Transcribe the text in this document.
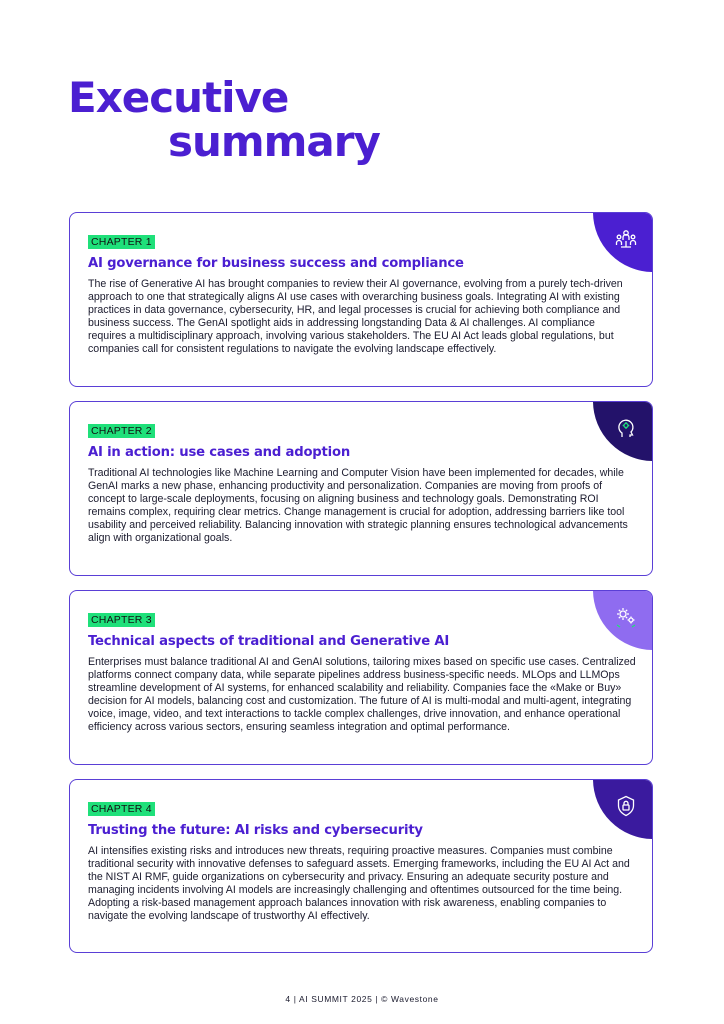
Executive
summary
CHAPTER 1
AI governance for business success and compliance

The rise of Generative AI has brought companies to review their AI governance, evolving from a purely tech-driven approach to one that strategically aligns AI use cases with overarching business goals. Integrating AI with existing practices in data governance, cybersecurity, HR, and legal processes is crucial for achieving both compliance and business success. The GenAI spotlight aids in addressing longstanding Data & AI challenges. AI compliance requires a multidisciplinary approach, involving various stakeholders. The EU AI Act leads global regulations, but companies call for consistent regulations to navigate the evolving landscape effectively.

CHAPTER 2
AI in action: use cases and adoption

Traditional AI technologies like Machine Learning and Computer Vision have been implemented for decades, while GenAI marks a new phase, enhancing productivity and personalization. Companies are moving from proofs of concept to large-scale deployments, focusing on aligning business and technology goals. Demonstrating ROI remains complex, requiring clear metrics. Change management is crucial for adoption, addressing barriers like tool usability and perceived reliability. Balancing innovation with strategic planning ensures technological advancements align with organizational goals.

CHAPTER 3
Technical aspects of traditional and Generative AI

Enterprises must balance traditional AI and GenAI solutions, tailoring mixes based on specific use cases. Centralized platforms connect company data, while separate pipelines address business-specific needs. MLOps and LLMOps streamline development of AI systems, for enhanced scalability and reliability. Companies face the «Make or Buy» decision for AI models, balancing cost and customization. The future of AI is multi-modal and multi-agent, integrating voice, image, video, and text interactions to tackle complex challenges, drive innovation, and enhance operational efficiency across various sectors, ensuring seamless integration and optimal performance.

CHAPTER 4
Trusting the future: AI risks and cybersecurity

AI intensifies existing risks and introduces new threats, requiring proactive measures. Companies must combine traditional security with innovative defenses to safeguard assets. Emerging frameworks, including the EU AI Act and the NIST AI RMF, guide organizations on cybersecurity and privacy. Ensuring an adequate security posture and managing incidents involving AI models are increasingly challenging and oftentimes outsourced for the time being. Adopting a risk-based management approach balances innovation with risk awareness, enabling companies to navigate the evolving landscape of trustworthy AI effectively.

4 | AI SUMMIT 2025 | © Wavestone
